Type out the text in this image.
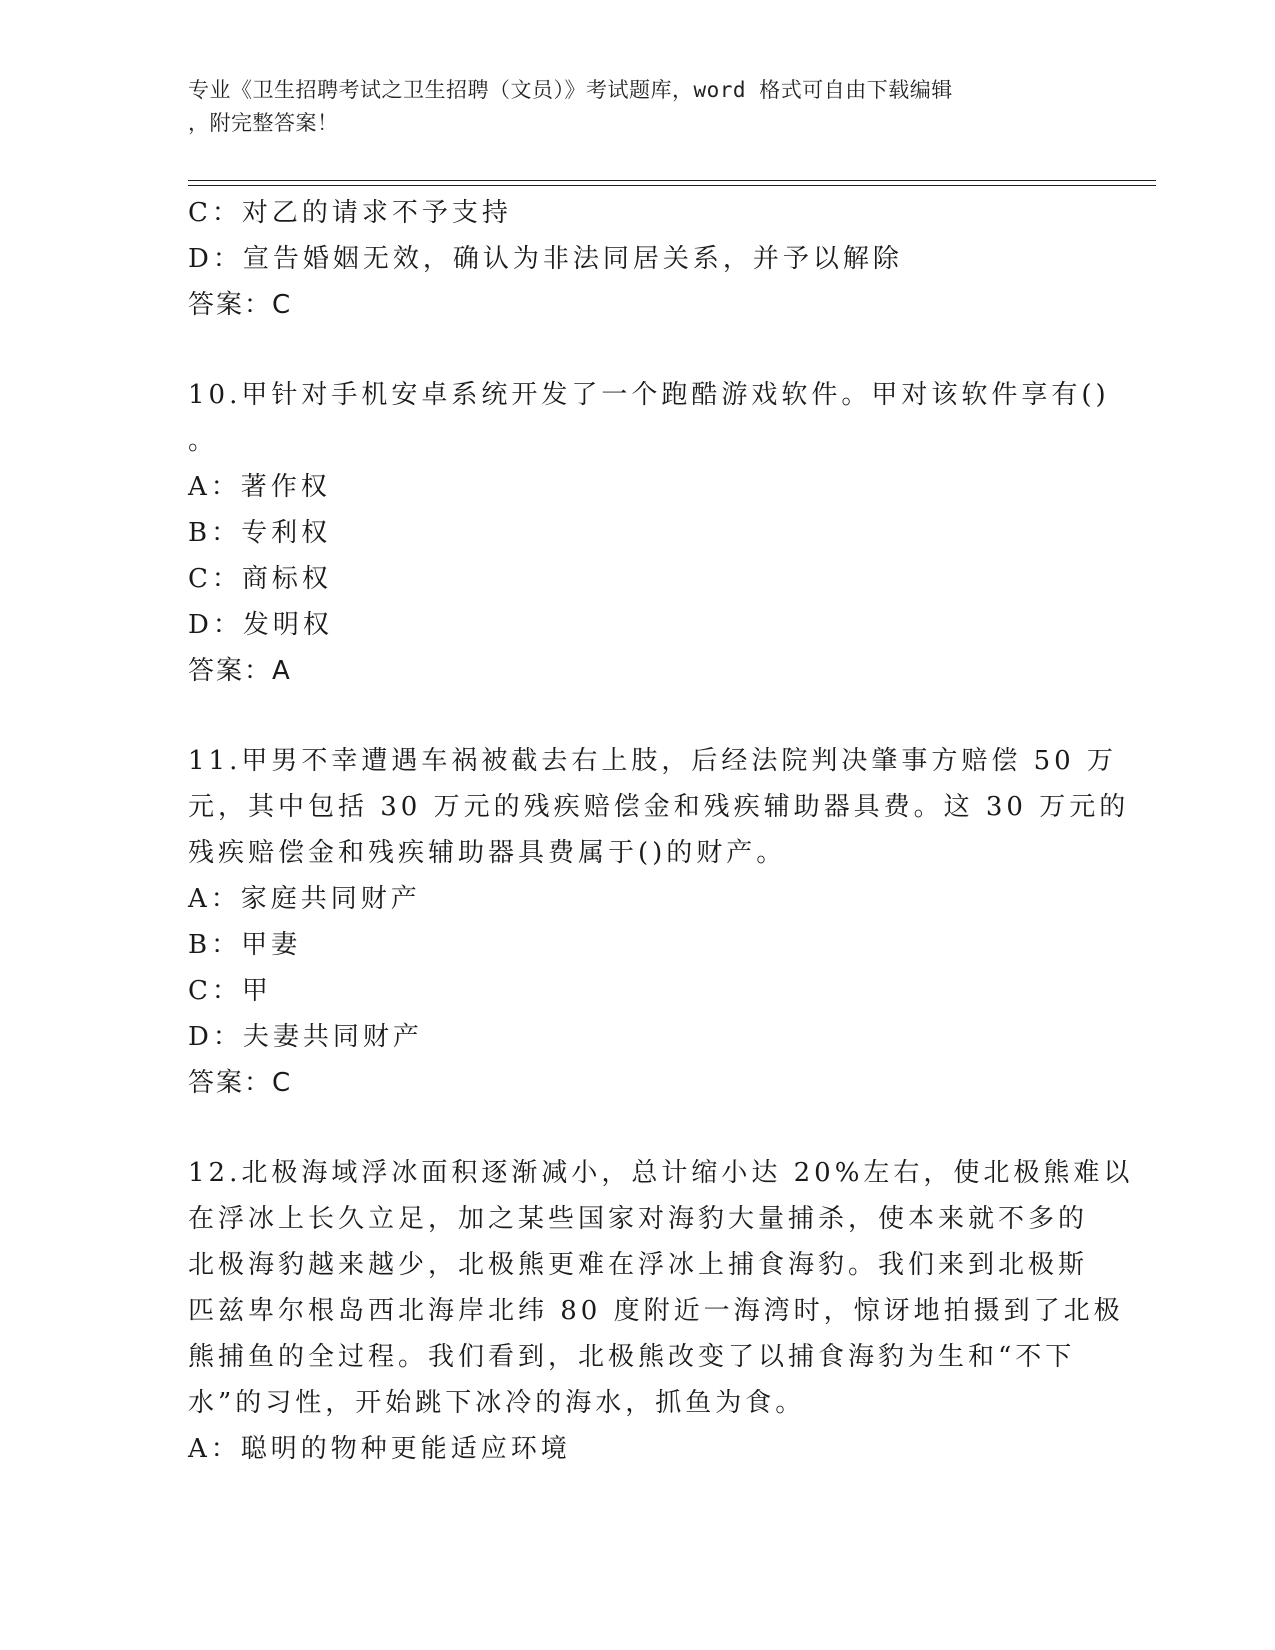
专业《卫生招聘考试之卫生招聘（文员）》考试题库，word 格式可自由下载编辑
，附完整答案！
C：对乙的请求不予支持
D：宣告婚姻无效，确认为非法同居关系，并予以解除
答案：C
10.甲针对手机安卓系统开发了一个跑酷游戏软件。甲对该软件享有()
。
A：著作权
B：专利权
C：商标权
D：发明权
答案：A
11.甲男不幸遭遇车祸被截去右上肢，后经法院判决肇事方赔偿 50 万
元，其中包括 30 万元的残疾赔偿金和残疾辅助器具费。这 30 万元的
残疾赔偿金和残疾辅助器具费属于()的财产。
A：家庭共同财产
B：甲妻
C：甲
D：夫妻共同财产
答案：C
12.北极海域浮冰面积逐渐减小，总计缩小达 20%左右，使北极熊难以
在浮冰上长久立足，加之某些国家对海豹大量捕杀，使本来就不多的
北极海豹越来越少，北极熊更难在浮冰上捕食海豹。我们来到北极斯
匹兹卑尔根岛西北海岸北纬 80 度附近一海湾时，惊讶地拍摄到了北极
熊捕鱼的全过程。我们看到，北极熊改变了以捕食海豹为生和“不下
水”的习性，开始跳下冰冷的海水，抓鱼为食。
A：聪明的物种更能适应环境
